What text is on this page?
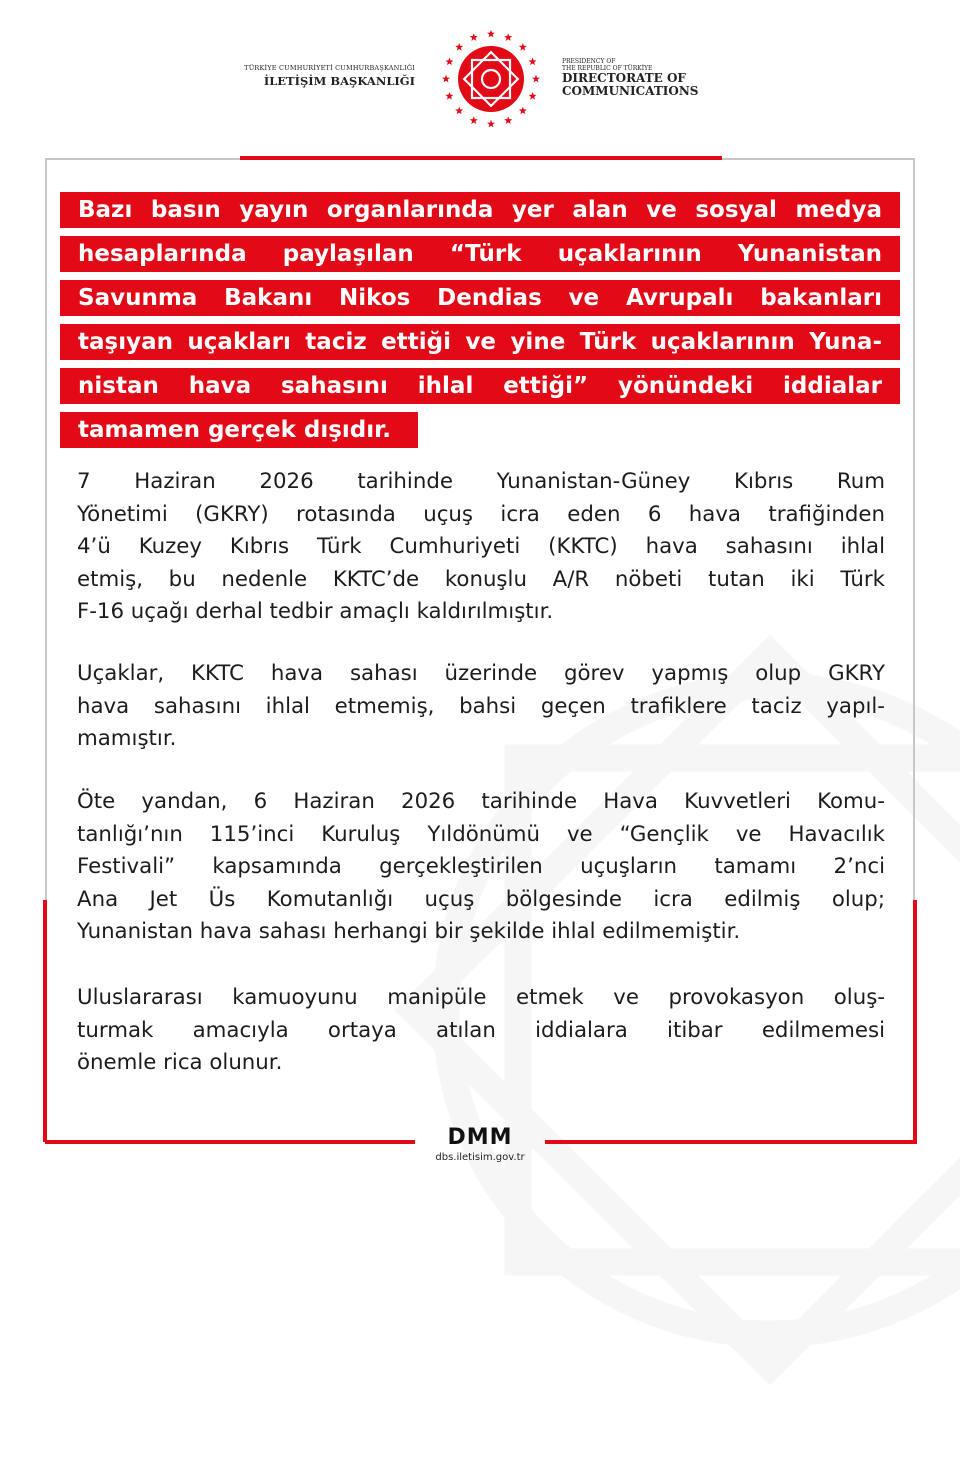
TÜRKİYE CUMHURİYETİ CUMHURBAŞKANLIĞI
İLETİŞİM BAŞKANLIĞI
PRESIDENCY OF
THE REPUBLIC OF TÜRKİYE
DIRECTORATE OF
COMMUNICATIONS
Bazı basın yayın organlarında yer alan ve sosyal medya hesaplarında paylaşılan “Türk uçaklarının Yunanistan Savunma Bakanı Nikos Dendias ve Avrupalı bakanları taşıyan uçakları taciz ettiği ve yine Türk uçaklarının Yuna- nistan hava sahasını ihlal ettiği” yönündeki iddialar tamamen gerçek dışıdır.
7 Haziran 2026 tarihinde Yunanistan-Güney Kıbrıs Rum
Yönetimi (GKRY) rotasında uçuş icra eden 6 hava trafiğinden
4’ü Kuzey Kıbrıs Türk Cumhuriyeti (KKTC) hava sahasını ihlal
etmiş, bu nedenle KKTC’de konuşlu A/R nöbeti tutan iki Türk
F-16 uçağı derhal tedbir amaçlı kaldırılmıştır.
Uçaklar, KKTC hava sahası üzerinde görev yapmış olup GKRY
hava sahasını ihlal etmemiş, bahsi geçen trafiklere taciz yapıl-
mamıştır.
Öte yandan, 6 Haziran 2026 tarihinde Hava Kuvvetleri Komu-
tanlığı’nın 115’inci Kuruluş Yıldönümü ve “Gençlik ve Havacılık
Festivali” kapsamında gerçekleştirilen uçuşların tamamı 2’nci
Ana Jet Üs Komutanlığı uçuş bölgesinde icra edilmiş olup;
Yunanistan hava sahası herhangi bir şekilde ihlal edilmemiştir.
Uluslararası kamuoyunu manipüle etmek ve provokasyon oluş-
turmak amacıyla ortaya atılan iddialara itibar edilmemesi
önemle rica olunur.
DMM
dbs.iletisim.gov.tr
